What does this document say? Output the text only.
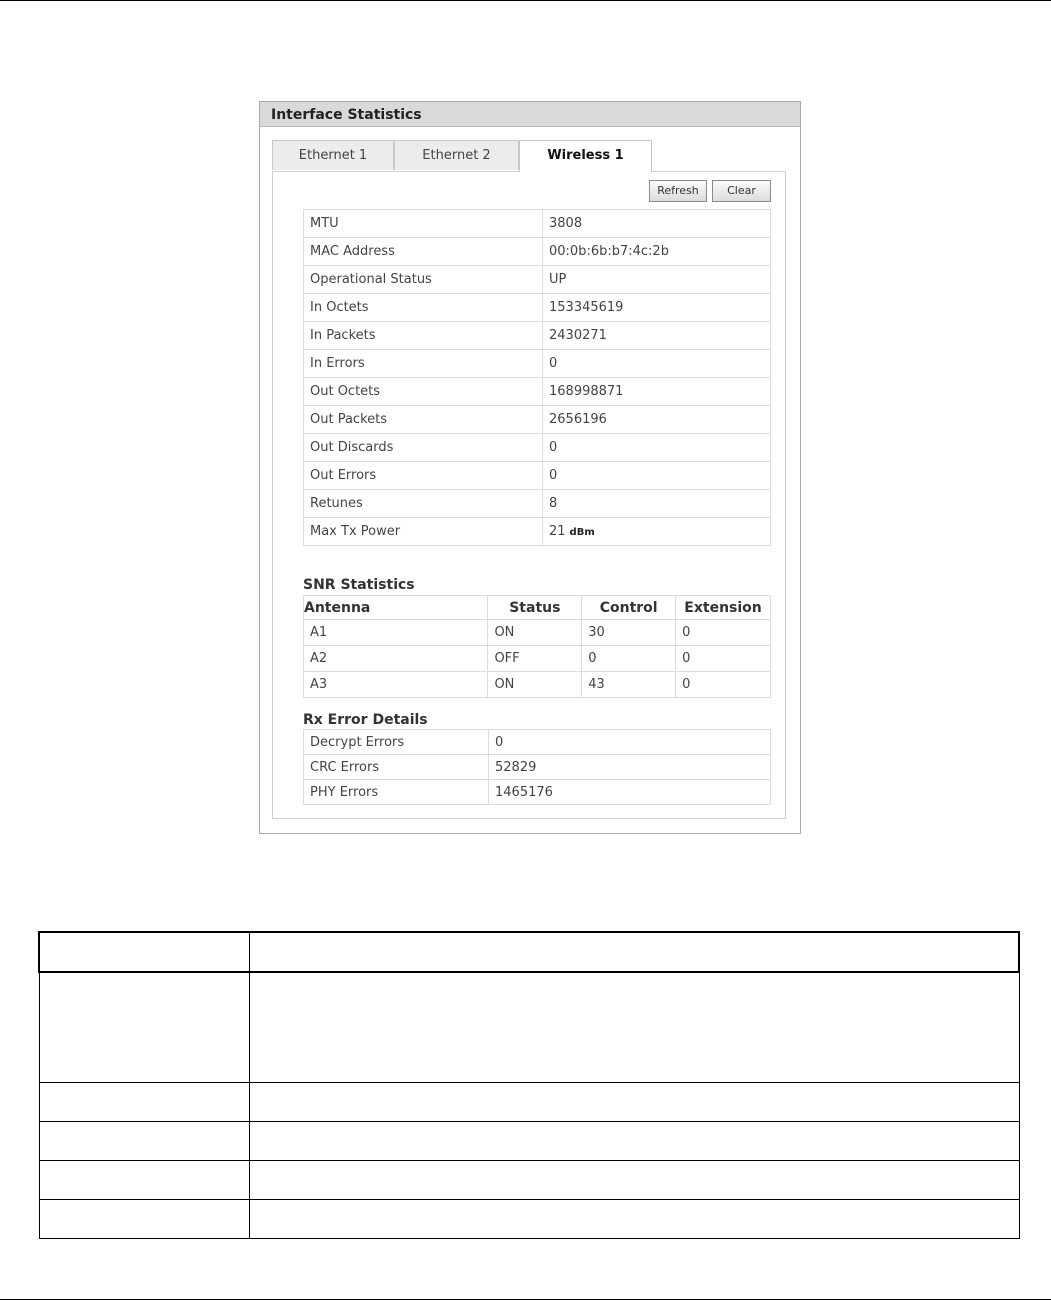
Interface Statistics
Ethernet 1	Ethernet 2	Wireless 1
Refresh	Clear
MTU	3808
MAC Address	00:0b:6b:b7:4c:2b
Operational Status	UP
In Octets	153345619
In Packets	2430271
In Errors	0
Out Octets	168998871
Out Packets	2656196
Out Discards	0
Out Errors	0
Retunes	8
Max Tx Power	21 dBm
SNR Statistics
Antenna	Status	Control	Extension
A1	ON	30	0
A2	OFF	0	0
A3	ON	43	0
Rx Error Details
Decrypt Errors	0
CRC Errors	52829
PHY Errors	1465176
